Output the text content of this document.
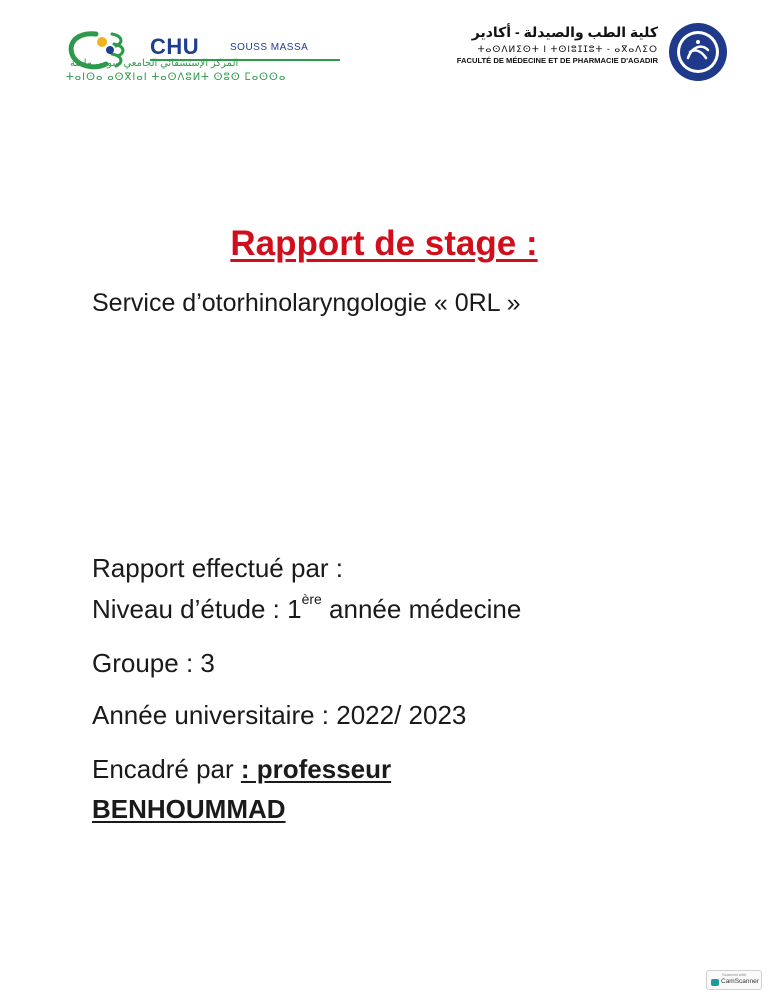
CHU	SOUSS MASSA
المركز الإستشفائي الجامعي سوس ماسة
ⵜⴰⵏⵙⴰ ⴰⵙⴳⵏⴰⵏ ⵜⴰⵙⴷⵓⵍⵜ ⵙⵓⵙ ⵎⴰⵙⵙⴰ
كلية الطب والصيدلة - أكادير
ⵜⴰⵙⴷⵍⵉⵙⵜ ⵏ ⵜⵙⵏⵓⵊⵊⵓⵜ - ⴰⴳⴰⴷⵉⵔ
FACULTÉ DE MÉDECINE ET DE PHARMACIE D'AGADIR
Rapport de stage :
Service d’otorhinolaryngologie « 0RL »
Rapport effectué par :
Niveau d’étude : 1ère année médecine
Groupe : 3
Année universitaire : 2022/ 2023
Encadré par : professeur
BENHOUMMAD
Scanned with
CamScanner
